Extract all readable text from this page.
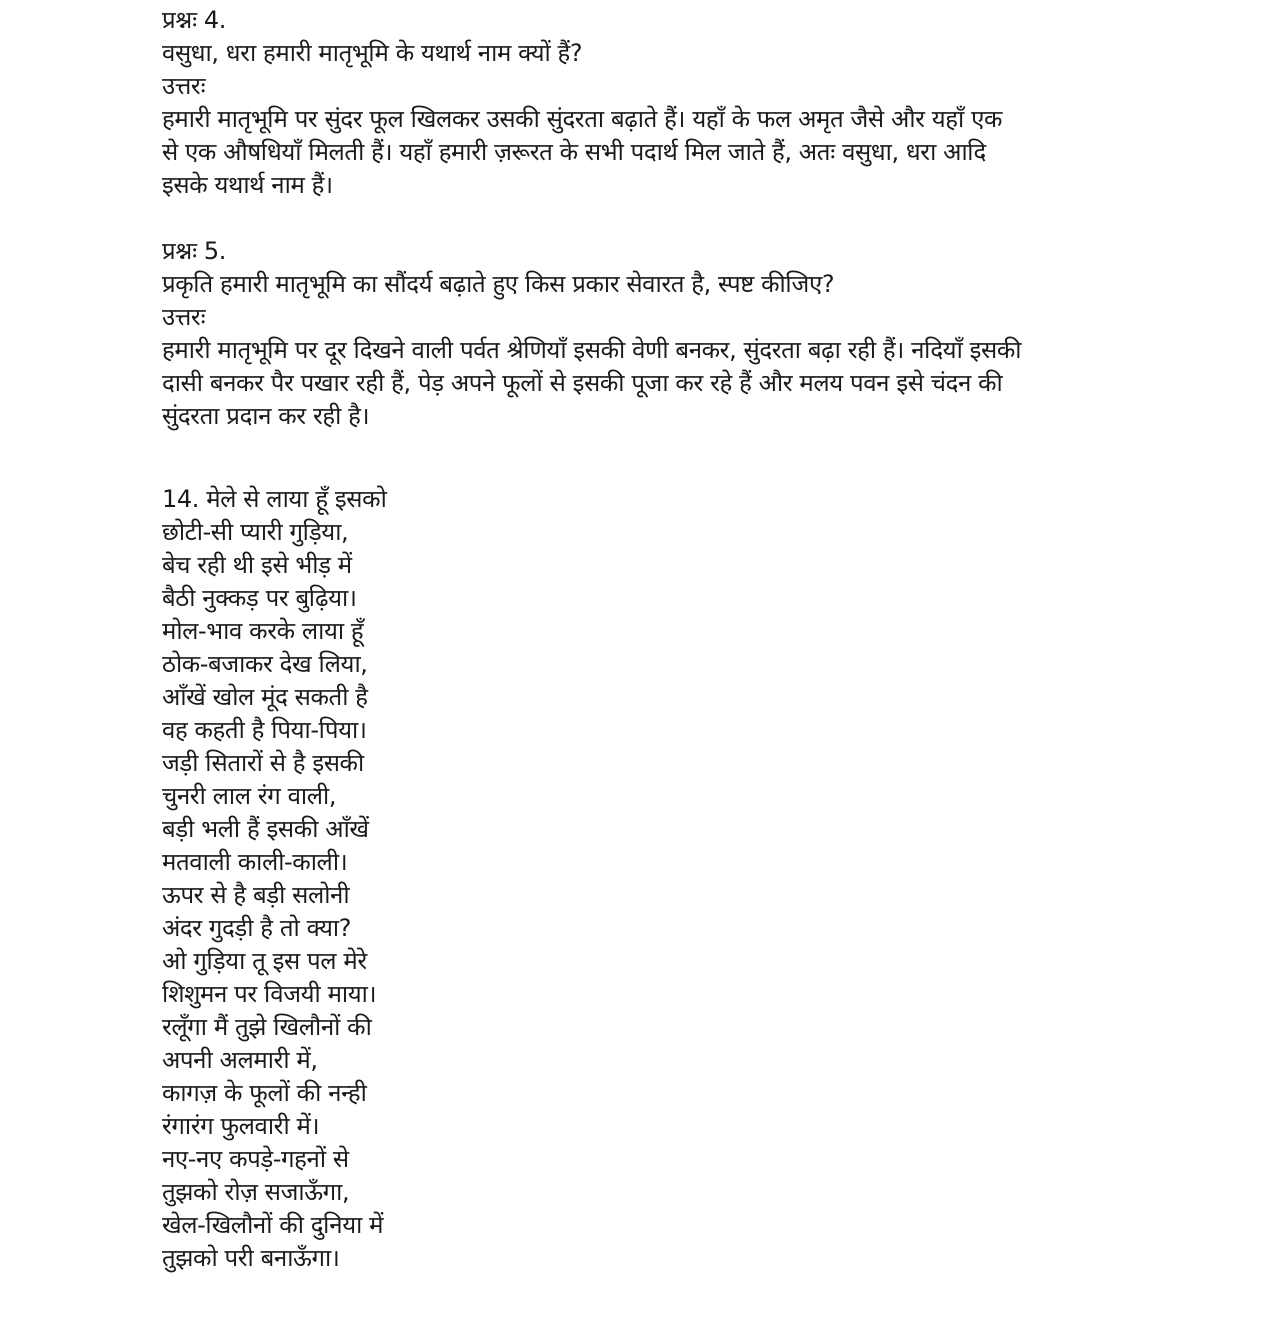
प्रश्नः 4.

वसुधा, धरा हमारी मातृभूमि के यथार्थ नाम क्यों हैं?

उत्तरः

हमारी मातृभूमि पर सुंदर फूल खिलकर उसकी सुंदरता बढ़ाते हैं। यहाँ के फल अमृत जैसे और यहाँ एक

से एक औषधियाँ मिलती हैं। यहाँ हमारी ज़रूरत के सभी पदार्थ मिल जाते हैं, अतः वसुधा, धरा आदि

इसके यथार्थ नाम हैं।

प्रश्नः 5.

प्रकृति हमारी मातृभूमि का सौंदर्य बढ़ाते हुए किस प्रकार सेवारत है, स्पष्ट कीजिए?

उत्तरः

हमारी मातृभूमि पर दूर दिखने वाली पर्वत श्रेणियाँ इसकी वेणी बनकर, सुंदरता बढ़ा रही हैं। नदियाँ इसकी

दासी बनकर पैर पखार रही हैं, पेड़ अपने फूलों से इसकी पूजा कर रहे हैं और मलय पवन इसे चंदन की

सुंदरता प्रदान कर रही है।

14. मेले से लाया हूँ इसको

छोटी-सी प्यारी गुड़िया,

बेच रही थी इसे भीड़ में

बैठी नुक्कड़ पर बुढ़िया।

मोल-भाव करके लाया हूँ

ठोक-बजाकर देख लिया,

आँखें खोल मूंद सकती है

वह कहती है पिया-पिया।

जड़ी सितारों से है इसकी

चुनरी लाल रंग वाली,

बड़ी भली हैं इसकी आँखें

मतवाली काली-काली।

ऊपर से है बड़ी सलोनी

अंदर गुदड़ी है तो क्या?

ओ गुड़िया तू इस पल मेरे

शिशुमन पर विजयी माया।

रलूँगा मैं तुझे खिलौनों की

अपनी अलमारी में,

कागज़ के फूलों की नन्ही

रंगारंग फुलवारी में।

नए-नए कपड़े-गहनों से

तुझको रोज़ सजाऊँगा,

खेल-खिलौनों की दुनिया में

तुझको परी बनाऊँगा।
